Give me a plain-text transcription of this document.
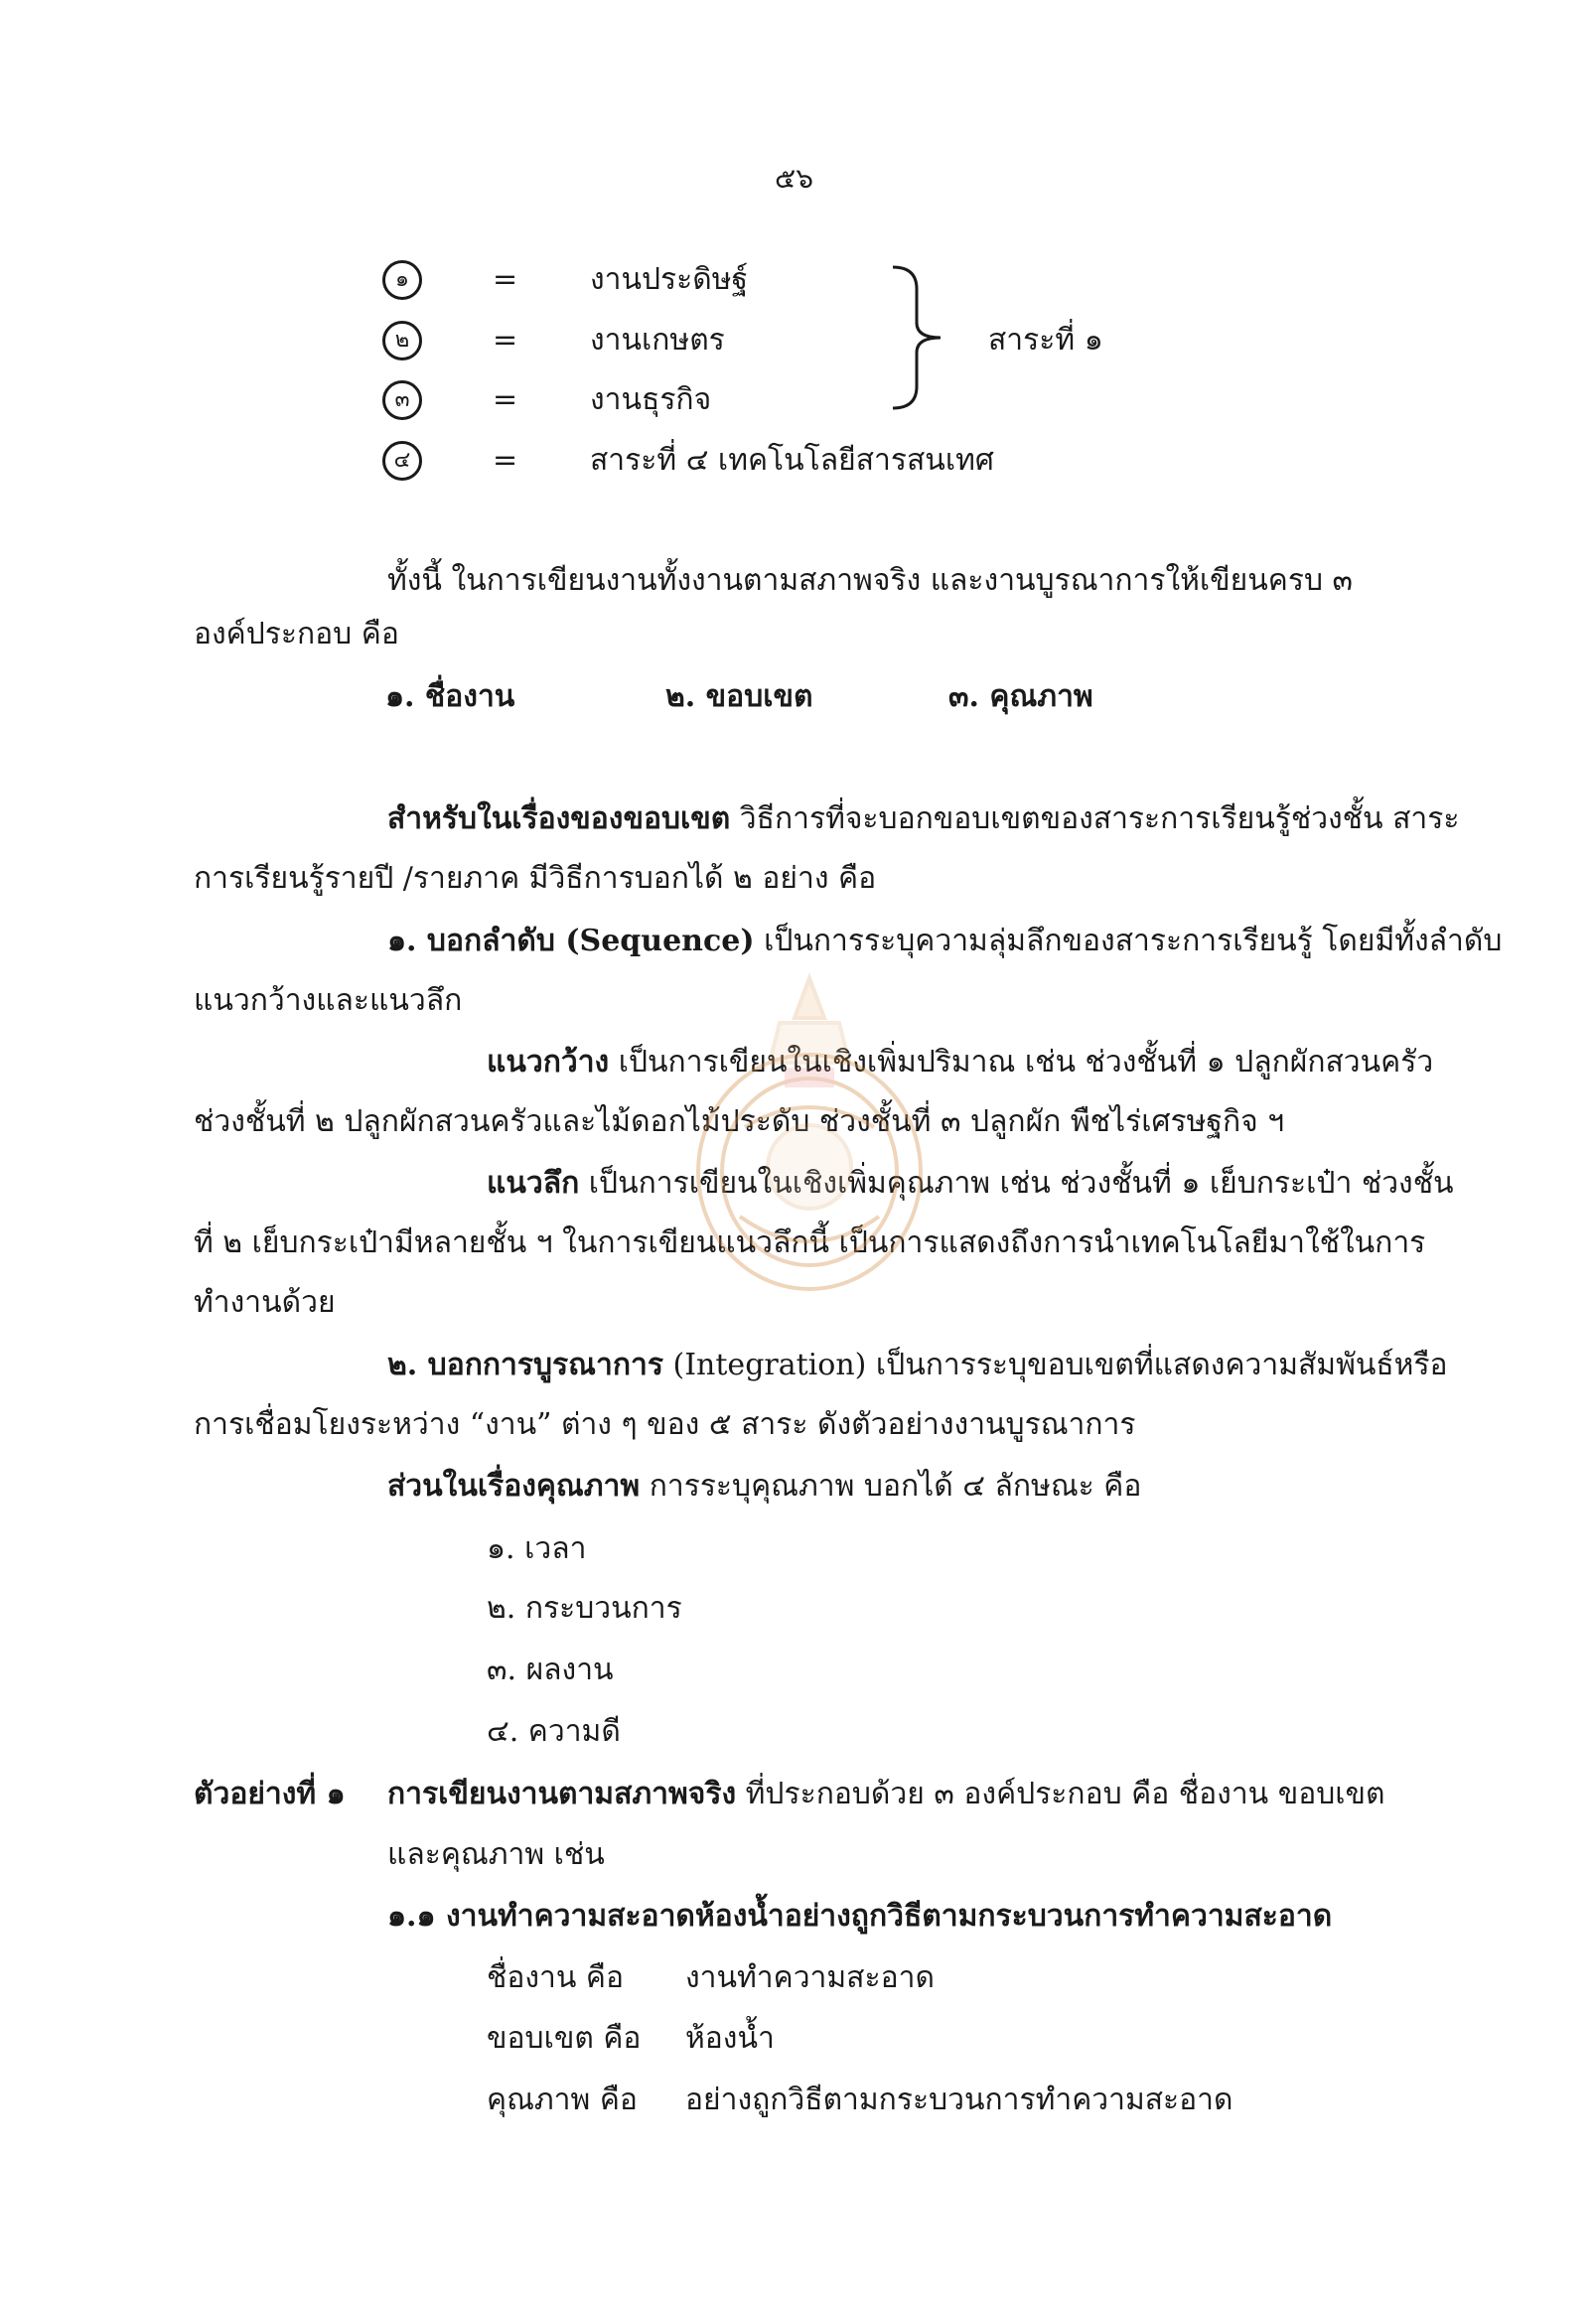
๕๖
๑	= งานประดิษฐ์
๒	= งานเกษตร
๓	= งานธุรกิจ
๔	= สาระที่ ๔ เทคโนโลยีสารสนเทศ
สาระที่ ๑
ทั้งนี้ ในการเขียนงานทั้งงานตามสภาพจริง และงานบูรณาการให้เขียนครบ ๓
องค์ประกอบ คือ
๑. ชื่องาน	๒. ขอบเขต	๓. คุณภาพ
สำหรับในเรื่องของขอบเขต วิธีการที่จะบอกขอบเขตของสาระการเรียนรู้ช่วงชั้น สาระ
การเรียนรู้รายปี /รายภาค มีวิธีการบอกได้ ๒ อย่าง คือ
๑. บอกลำดับ (Sequence) เป็นการระบุความลุ่มลึกของสาระการเรียนรู้ โดยมีทั้งลำดับ
แนวกว้างและแนวลึก
แนวกว้าง เป็นการเขียนในเชิงเพิ่มปริมาณ เช่น ช่วงชั้นที่ ๑ ปลูกผักสวนครัว
ช่วงชั้นที่ ๒ ปลูกผักสวนครัวและไม้ดอกไม้ประดับ ช่วงชั้นที่ ๓ ปลูกผัก พืชไร่เศรษฐกิจ ฯ
แนวลึก เป็นการเขียนในเชิงเพิ่มคุณภาพ เช่น ช่วงชั้นที่ ๑ เย็บกระเป๋า ช่วงชั้น
ที่ ๒ เย็บกระเป๋ามีหลายชั้น ฯ ในการเขียนแนวลึกนี้ เป็นการแสดงถึงการนำเทคโนโลยีมาใช้ในการ
ทำงานด้วย
๒. บอกการบูรณาการ (Integration) เป็นการระบุขอบเขตที่แสดงความสัมพันธ์หรือ
การเชื่อมโยงระหว่าง “งาน” ต่าง ๆ ของ ๕ สาระ ดังตัวอย่างงานบูรณาการ
ส่วนในเรื่องคุณภาพ การระบุคุณภาพ บอกได้ ๔ ลักษณะ คือ
๑. เวลา
๒. กระบวนการ
๓. ผลงาน
๔. ความดี
ตัวอย่างที่ ๑ การเขียนงานตามสภาพจริง ที่ประกอบด้วย ๓ องค์ประกอบ คือ ชื่องาน ขอบเขต
และคุณภาพ เช่น
๑.๑ งานทำความสะอาดห้องน้ำอย่างถูกวิธีตามกระบวนการทำความสะอาด
ชื่องาน คือ งานทำความสะอาด
ขอบเขต คือ ห้องน้ำ
คุณภาพ คือ อย่างถูกวิธีตามกระบวนการทำความสะอาด
